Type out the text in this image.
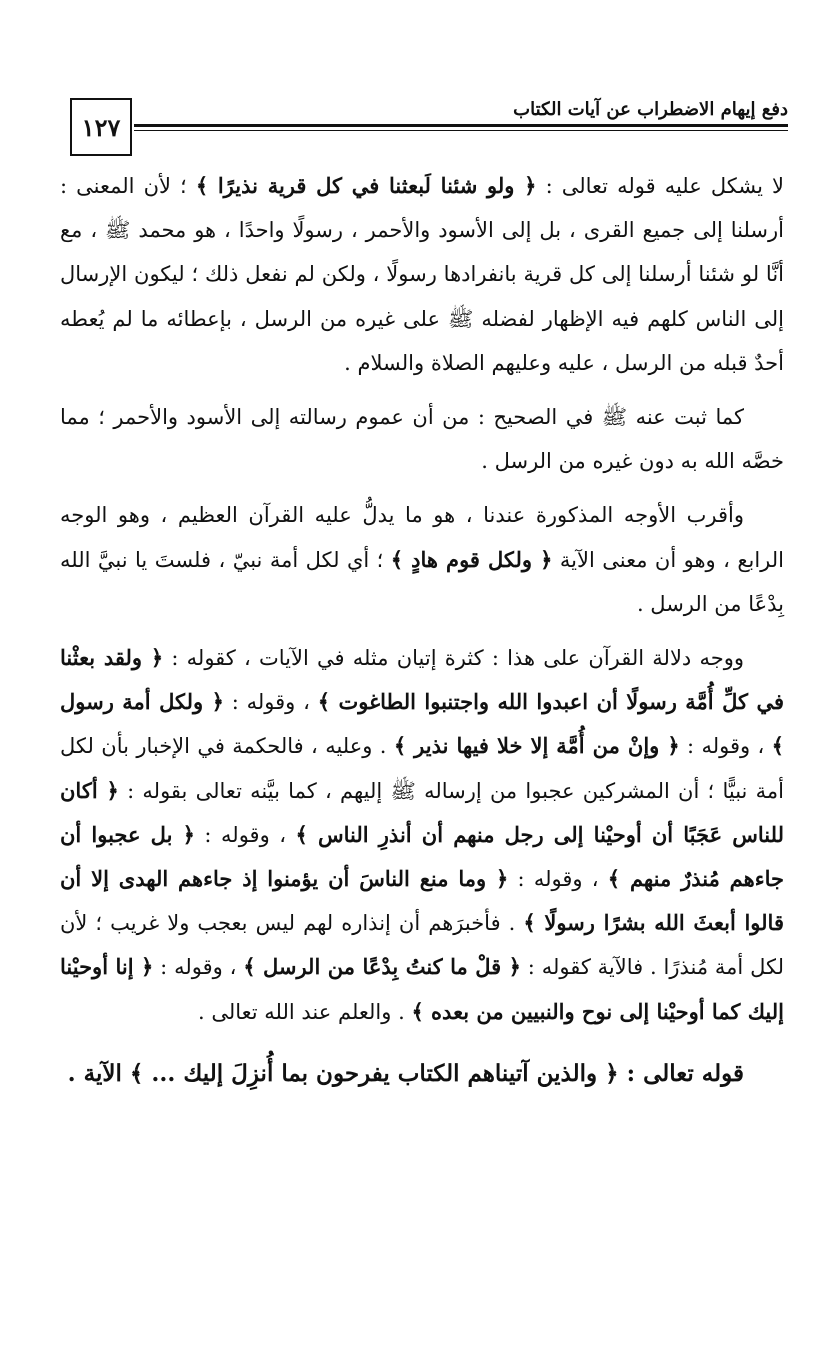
١٢٧
دفع إيهام الاضطراب عن آيات الكتاب

لا يشكل عليه قوله تعالى : ﴿ ولو شئنا لَبعثنا في كل قرية نذيرًا ﴾ ؛ لأن المعنى : أرسلنا إلى جميع القرى ، بل إلى الأسود والأحمر ، رسولًا واحدًا ، هو محمد ﷺ ، مع أنَّا لو شئنا أرسلنا إلى كل قرية بانفرادها رسولًا ، ولكن لم نفعل ذلك ؛ ليكون الإرسال إلى الناس كلهم فيه الإظهار لفضله ﷺ على غيره من الرسل ، بإعطائه ما لم يُعطه أحدٌ قبله من الرسل ، عليه وعليهم الصلاة والسلام .

كما ثبت عنه ﷺ في الصحيح : من أن عموم رسالته إلى الأسود والأحمر ؛ مما خصَّه الله به دون غيره من الرسل .

وأقرب الأوجه المذكورة عندنا ، هو ما يدلُّ عليه القرآن العظيم ، وهو الوجه الرابع ، وهو أن معنى الآية ﴿ ولكل قوم هادٍ ﴾ ؛ أي لكل أمة نبيّ ، فلستَ يا نبيَّ الله بِدْعًا من الرسل .

ووجه دلالة القرآن على هذا : كثرة إتيان مثله في الآيات ، كقوله : ﴿ ولقد بعثْنا في كلِّ أُمَّة رسولًا أن اعبدوا الله واجتنبوا الطاغوت ﴾ ، وقوله : ﴿ ولكل أمة رسول ﴾ ، وقوله : ﴿ وإنْ من أُمَّة إلا خلا فيها نذير ﴾ . وعليه ، فالحكمة في الإخبار بأن لكل أمة نبيًّا ؛ أن المشركين عجبوا من إرساله ﷺ إليهم ، كما بيَّنه تعالى بقوله : ﴿ أكان للناس عَجَبًا أن أوحيْنا إلى رجل منهم أن أنذرِ الناس ﴾ ، وقوله : ﴿ بل عجبوا أن جاءهم مُنذرٌ منهم ﴾ ، وقوله : ﴿ وما منع الناسَ أن يؤمنوا إذ جاءهم الهدى إلا أن قالوا أبعثَ الله بشرًا رسولًا ﴾ . فأخبرَهم أن إنذاره لهم ليس بعجب ولا غريب ؛ لأن لكل أمة مُنذرًا . فالآية كقوله : ﴿ قلْ ما كنتُ بِدْعًا من الرسل ﴾ ، وقوله : ﴿ إنا أوحيْنا إليك كما أوحيْنا إلى نوح والنبيين من بعده ﴾ . والعلم عند الله تعالى .

قوله تعالى : ﴿ والذين آتيناهم الكتاب يفرحون بما أُنزِلَ إليك ... ﴾ الآية .
